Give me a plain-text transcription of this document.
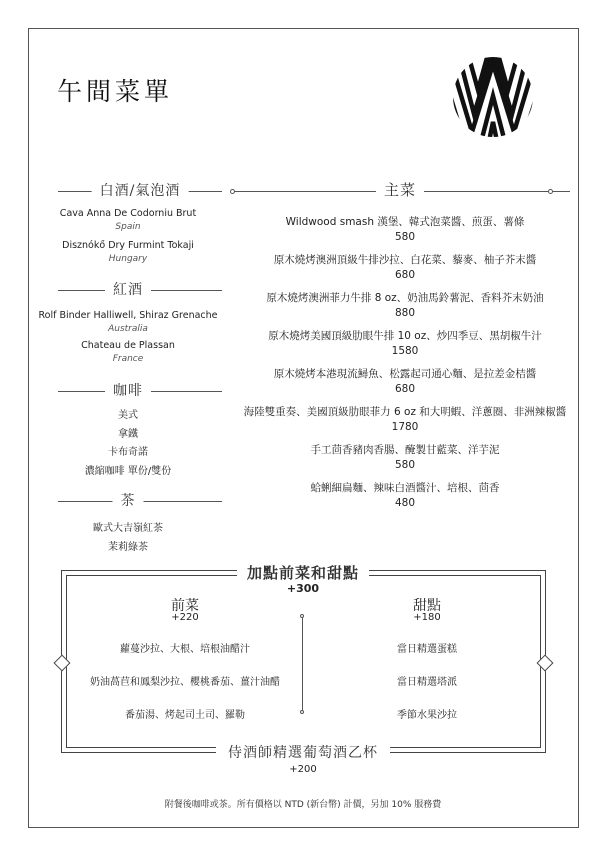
午間菜單
白酒/氣泡酒
Cava Anna De Codorniu Brut
Spain
Disznókő Dry Furmint Tokaji
Hungary
紅酒
Rolf Binder Halliwell, Shiraz Grenache
Australia
Chateau de Plassan
France
咖啡
美式
拿鐵
卡布奇諾
濃縮咖啡 單份/雙份
茶
歐式大吉嶺紅茶
茉莉綠茶
主菜
Wildwood smash 漢堡、韓式泡菜醬、煎蛋、薯條
580
原木燒烤澳洲頂級牛排沙拉、白花菜、藜麥、柚子芥末醬
680
原木燒烤澳洲菲力牛排 8 oz、奶油馬鈴薯泥、香料芥末奶油
880
原木燒烤美國頂級肋眼牛排 10 oz、炒四季豆、黑胡椒牛汁
1580
原木燒烤本港現流鱘魚、松露起司通心麵、是拉差金桔醬
680
海陸雙重奏、美國頂級肋眼菲力 6 oz 和大明蝦、洋蔥圈、非洲辣椒醬
1780
手工茴香豬肉香腸、醃製甘藍菜、洋芋泥
580
蛤蜊細扁麵、辣味白酒醬汁、培根、茴香
480
加點前菜和甜點
+300
前菜
+220
蘿蔓沙拉、大根、培根油醋汁
奶油萵苣和鳳梨沙拉、櫻桃番茄、薑汁油醋
番茄湯、烤起司土司、羅勒
甜點
+180
當日精選蛋糕
當日精選塔派
季節水果沙拉
侍酒師精選葡萄酒乙杯
+200
附餐後咖啡或茶。所有價格以 NTD (新台幣) 計價，另加 10% 服務費
